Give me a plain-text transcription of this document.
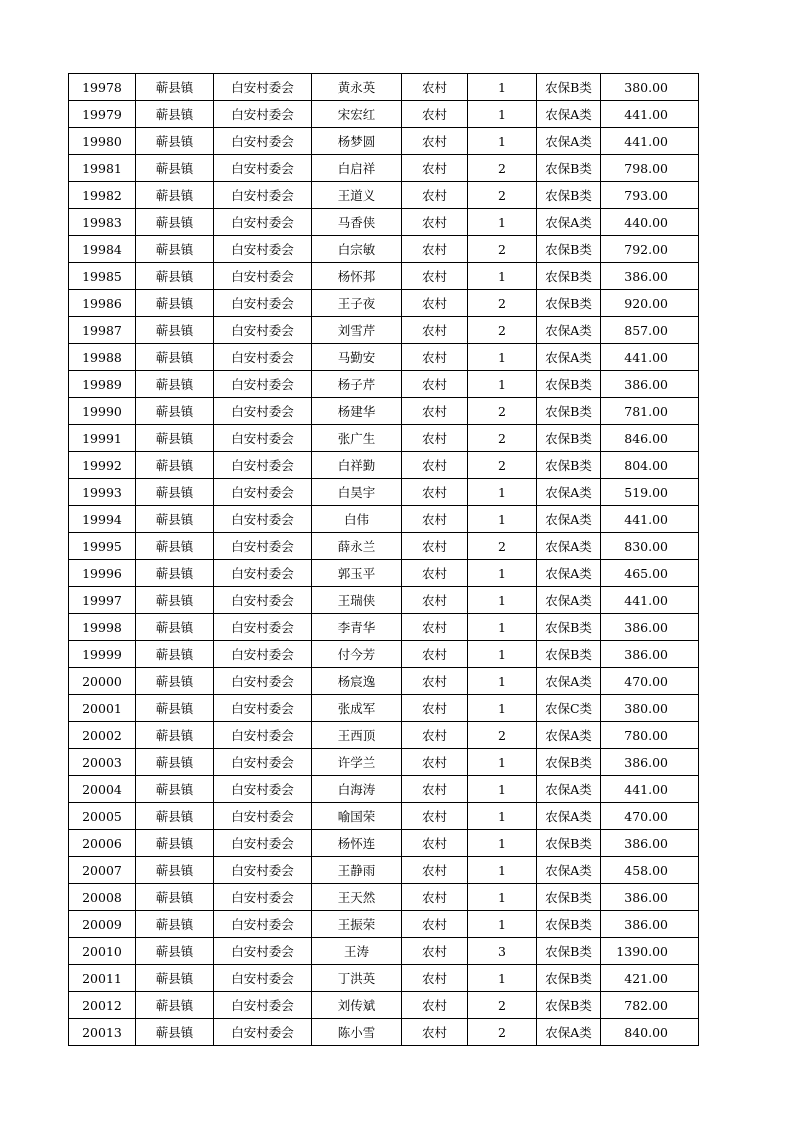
19978	蕲县镇	白安村委会	黄永英	农村	1	农保B类	380.00
19979	蕲县镇	白安村委会	宋宏红	农村	1	农保A类	441.00
19980	蕲县镇	白安村委会	杨梦圆	农村	1	农保A类	441.00
19981	蕲县镇	白安村委会	白启祥	农村	2	农保B类	798.00
19982	蕲县镇	白安村委会	王道义	农村	2	农保B类	793.00
19983	蕲县镇	白安村委会	马香侠	农村	1	农保A类	440.00
19984	蕲县镇	白安村委会	白宗敏	农村	2	农保B类	792.00
19985	蕲县镇	白安村委会	杨怀邦	农村	1	农保B类	386.00
19986	蕲县镇	白安村委会	王子夜	农村	2	农保B类	920.00
19987	蕲县镇	白安村委会	刘雪芹	农村	2	农保A类	857.00
19988	蕲县镇	白安村委会	马勤安	农村	1	农保A类	441.00
19989	蕲县镇	白安村委会	杨子芹	农村	1	农保B类	386.00
19990	蕲县镇	白安村委会	杨建华	农村	2	农保B类	781.00
19991	蕲县镇	白安村委会	张广生	农村	2	农保B类	846.00
19992	蕲县镇	白安村委会	白祥勤	农村	2	农保B类	804.00
19993	蕲县镇	白安村委会	白昊宇	农村	1	农保A类	519.00
19994	蕲县镇	白安村委会	白伟	农村	1	农保A类	441.00
19995	蕲县镇	白安村委会	薛永兰	农村	2	农保A类	830.00
19996	蕲县镇	白安村委会	郭玉平	农村	1	农保A类	465.00
19997	蕲县镇	白安村委会	王瑞侠	农村	1	农保A类	441.00
19998	蕲县镇	白安村委会	李青华	农村	1	农保B类	386.00
19999	蕲县镇	白安村委会	付今芳	农村	1	农保B类	386.00
20000	蕲县镇	白安村委会	杨宸逸	农村	1	农保A类	470.00
20001	蕲县镇	白安村委会	张成军	农村	1	农保C类	380.00
20002	蕲县镇	白安村委会	王西顶	农村	2	农保A类	780.00
20003	蕲县镇	白安村委会	许学兰	农村	1	农保B类	386.00
20004	蕲县镇	白安村委会	白海涛	农村	1	农保A类	441.00
20005	蕲县镇	白安村委会	喻国荣	农村	1	农保A类	470.00
20006	蕲县镇	白安村委会	杨怀连	农村	1	农保B类	386.00
20007	蕲县镇	白安村委会	王静雨	农村	1	农保A类	458.00
20008	蕲县镇	白安村委会	王天然	农村	1	农保B类	386.00
20009	蕲县镇	白安村委会	王振荣	农村	1	农保B类	386.00
20010	蕲县镇	白安村委会	王涛	农村	3	农保B类	1390.00
20011	蕲县镇	白安村委会	丁洪英	农村	1	农保B类	421.00
20012	蕲县镇	白安村委会	刘传斌	农村	2	农保B类	782.00
20013	蕲县镇	白安村委会	陈小雪	农村	2	农保A类	840.00
